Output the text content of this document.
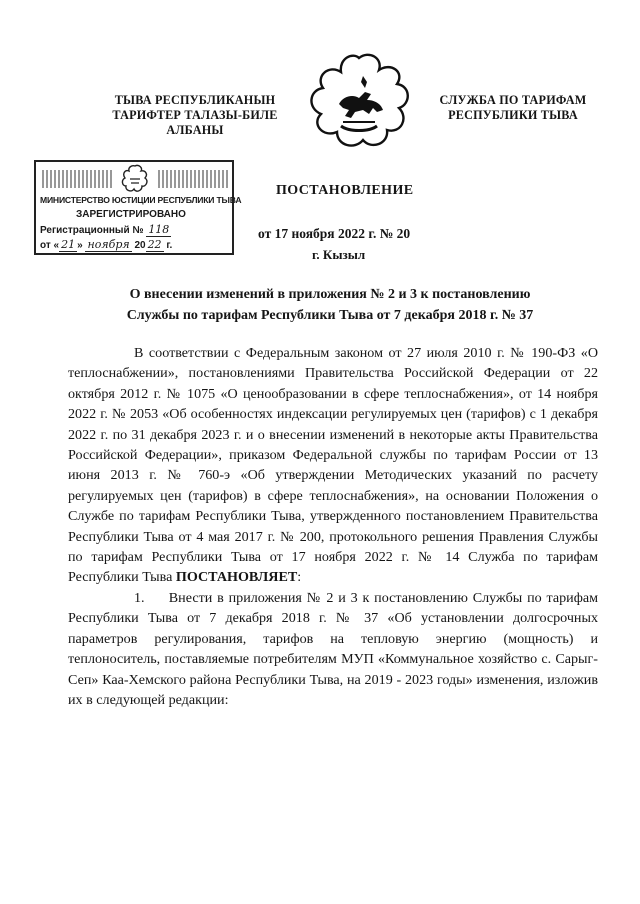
ТЫВА РЕСПУБЛИКАНЫН
ТАРИФТЕР ТАЛАЗЫ-БИЛЕ
АЛБАНЫ
СЛУЖБА ПО ТАРИФАМ
РЕСПУБЛИКИ ТЫВА
МИНИСТЕРСТВО ЮСТИЦИИ РЕСПУБЛИКИ ТЫВА
ЗАРЕГИСТРИРОВАНО
Регистрационный № 118
от « 21 » ноября 20 22 г.
ПОСТАНОВЛЕНИЕ
от 17 ноября 2022 г. № 20
г. Кызыл
О внесении изменений в приложения № 2 и 3 к постановлению
Службы по тарифам Республики Тыва от 7 декабря 2018 г. № 37

В соответствии с Федеральным законом от 27 июля 2010 г. № 190-ФЗ «О теплоснабжении», постановлениями Правительства Российской Федерации от 22 октября 2012 г. № 1075 «О ценообразовании в сфере теплоснабжения», от 14 ноября 2022 г. № 2053 «Об особенностях индексации регулируемых цен (тарифов) с 1 декабря 2022 г. по 31 декабря 2023 г. и о внесении изменений в некоторые акты Правительства Российской Федерации», приказом Федеральной службы по тарифам России от 13 июня 2013 г. № 760-э «Об утверждении Методических указаний по расчету регулируемых цен (тарифов) в сфере теплоснабжения», на основании Положения о Службе по тарифам Республики Тыва, утвержденного постановлением Правительства Республики Тыва от 4 мая 2017 г. № 200, протокольного решения Правления Службы по тарифам Республики Тыва от 17 ноября 2022 г. № 14 Служба по тарифам Республики Тыва ПОСТАНОВЛЯЕТ:

1.     Внести в приложения № 2 и 3 к постановлению Службы по тарифам Республики Тыва от 7 декабря 2018 г. № 37 «Об установлении долгосрочных параметров регулирования, тарифов на тепловую энергию (мощность) и теплоноситель, поставляемые потребителям МУП «Коммунальное хозяйство с. Сарыг-Сеп» Каа-Хемского района Республики Тыва, на 2019 - 2023 годы» изменения, изложив их в следующей редакции:
